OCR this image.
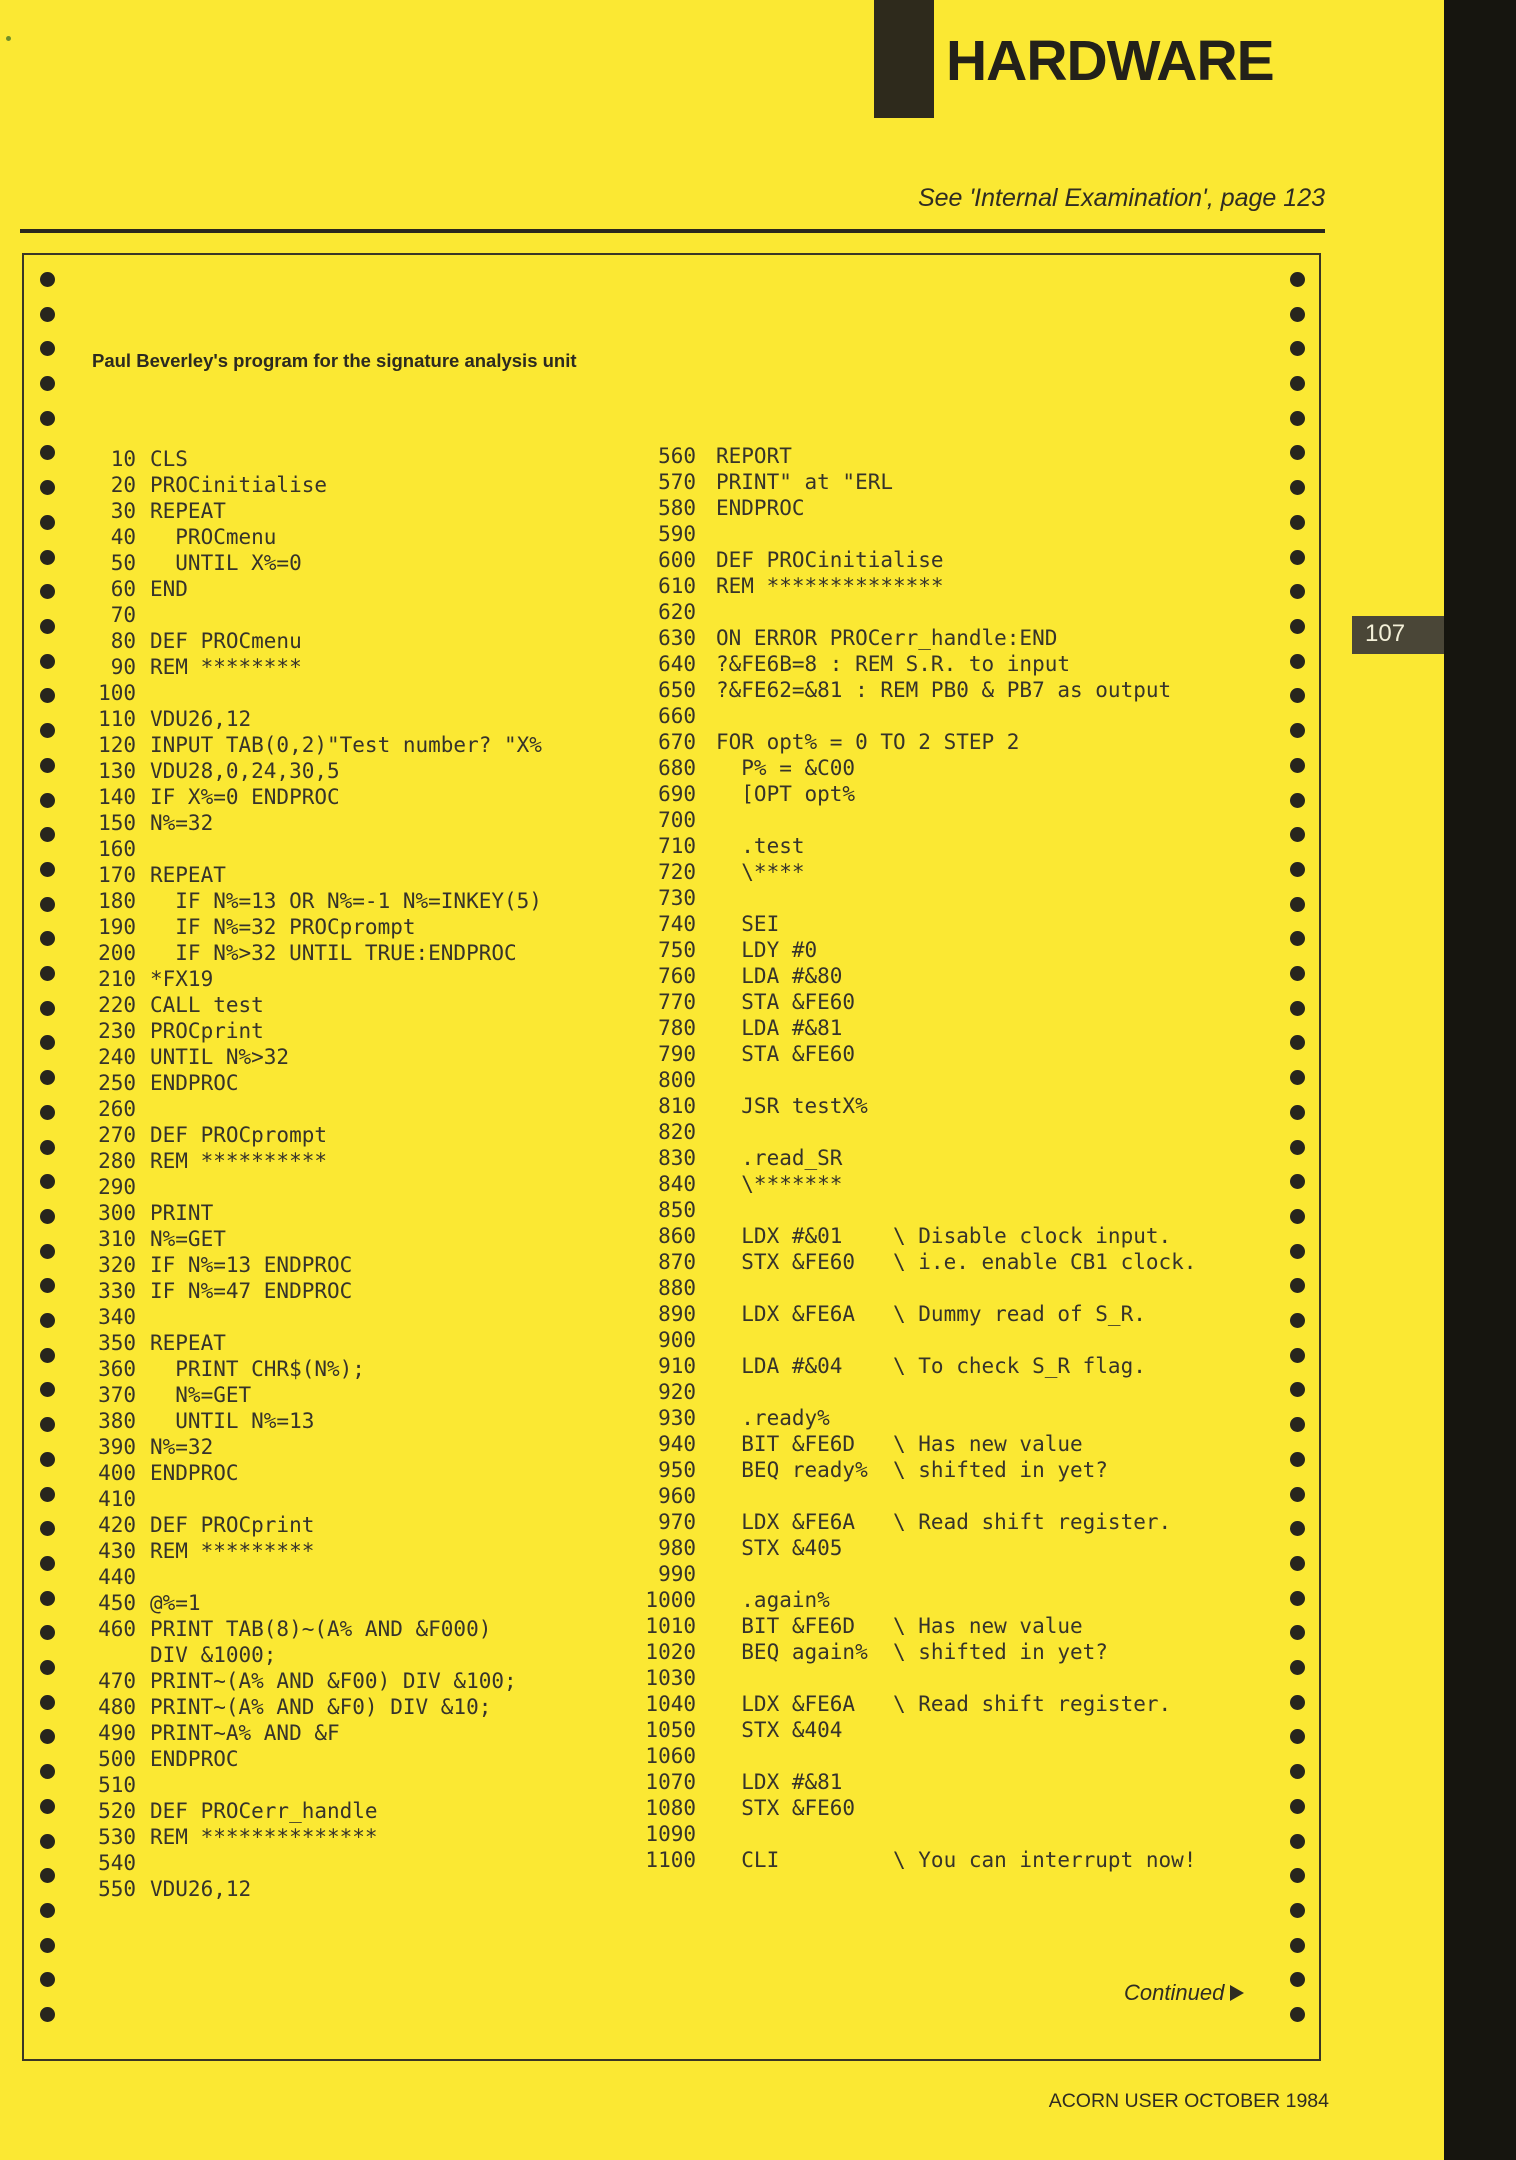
HARDWARE
See 'Internal Examination', page 123
Paul Beverley's program for the signature analysis unit
10 CLS
20 PROCinitialise
30 REPEAT
40  PROCmenu
50  UNTIL X%=0
60 END
70
80 DEF PROCmenu
90 REM ********
100
110 VDU26,12
120 INPUT TAB(0,2)"Test number? "X%
130 VDU28,0,24,30,5
140 IF X%=0 ENDPROC
150 N%=32
160
170 REPEAT
180  IF N%=13 OR N%=-1 N%=INKEY(5)
190  IF N%=32 PROCprompt
200  IF N%>32 UNTIL TRUE:ENDPROC
210 *FX19
220 CALL test
230 PROCprint
240 UNTIL N%>32
250 ENDPROC
260
270 DEF PROCprompt
280 REM **********
290
300 PRINT
310 N%=GET
320 IF N%=13 ENDPROC
330 IF N%=47 ENDPROC
340
350 REPEAT
360  PRINT CHR$(N%);
370  N%=GET
380  UNTIL N%=13
390 N%=32
400 ENDPROC
410
420 DEF PROCprint
430 REM *********
440
450 @%=1
460 PRINT TAB(8)~(A% AND &F000)
DIV &1000;
470 PRINT~(A% AND &F00) DIV &100;
480 PRINT~(A% AND &F0) DIV &10;
490 PRINT~A% AND &F
500 ENDPROC
510
520 DEF PROCerr_handle
530 REM **************
540
550 VDU26,12
560 REPORT
570 PRINT" at "ERL
580 ENDPROC
590
600 DEF PROCinitialise
610 REM **************
620
630 ON ERROR PROCerr_handle:END
640 ?&FE6B=8 : REM S.R. to input
650 ?&FE62=&81 : REM PB0 & PB7 as output
660
670 FOR opt% = 0 TO 2 STEP 2
680  P% = &C00
690  [OPT opt%
700
710  .test
720  \****
730
740  SEI
750  LDY #0
760  LDA #&80
770  STA &FE60
780  LDA #&81
790  STA &FE60
800
810  JSR testX%
820
830  .read_SR
840  \*******
850
860  LDX #&01    \ Disable clock input.
870  STX &FE60   \ i.e. enable CB1 clock.
880
890  LDX &FE6A   \ Dummy read of S_R.
900
910  LDA #&04    \ To check S_R flag.
920
930  .ready%
940  BIT &FE6D   \ Has new value
950  BEQ ready%  \ shifted in yet?
960
970  LDX &FE6A   \ Read shift register.
980  STX &405
990
1000  .again%
1010  BIT &FE6D   \ Has new value
1020  BEQ again%  \ shifted in yet?
1030
1040  LDX &FE6A   \ Read shift register.
1050  STX &404
1060
1070  LDX #&81
1080  STX &FE60
1090
1100  CLI         \ You can interrupt now!
Continued
107
ACORN USER OCTOBER 1984
